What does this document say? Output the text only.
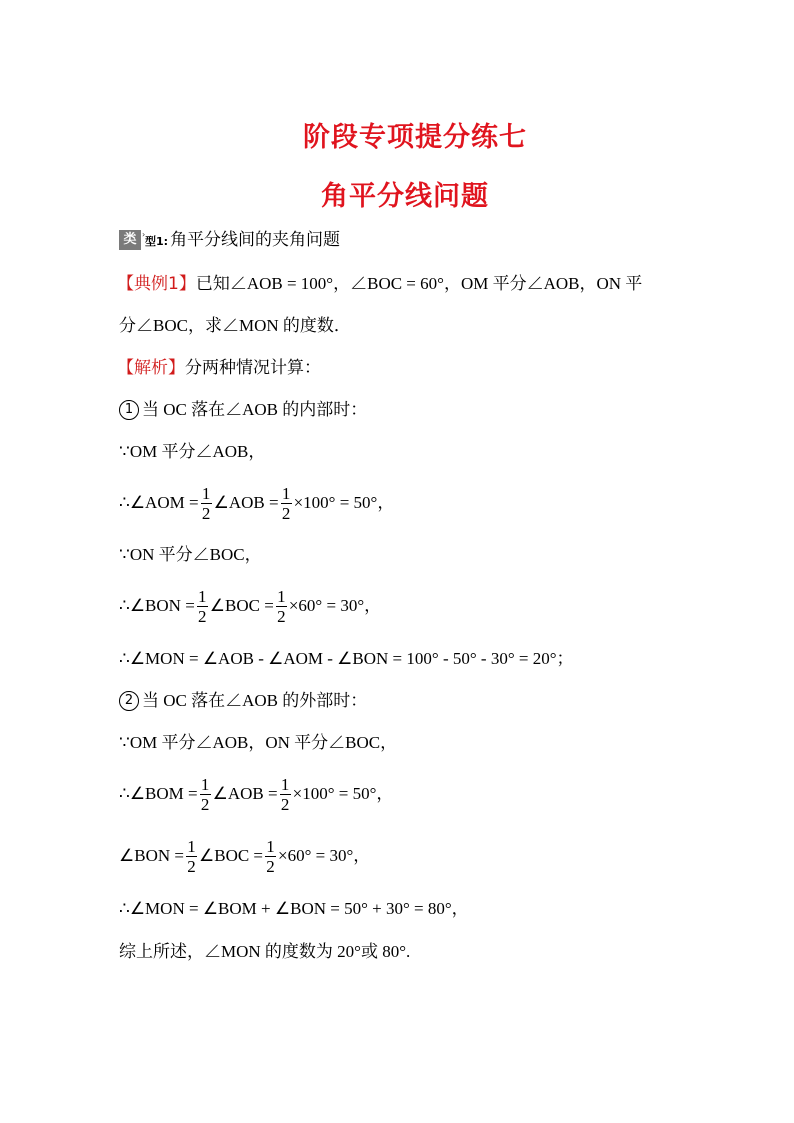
阶段专项提分练七
角平分线问题
类 ›
型1: 角平分线间的夹角问题
【典例1】 已知∠AOB = 100°，∠BOC = 60°，OM 平分∠AOB，ON 平
分∠BOC，求∠MON 的度数．
【解析】 分两种情况计算：
1 当 OC 落在∠AOB 的内部时：
∵OM 平分∠AOB，
∴∠AOM = $\frac{1}{2}$ ∠AOB = $\frac{1}{2} \times 100^\circ = 50^\circ$，
∵ON 平分∠BOC，
∴∠BON = $\frac{1}{2}$ ∠BOC = $\frac{1}{2} \times 60^\circ = 30^\circ$，
∴∠MON = ∠AOB - ∠AOM - ∠BON = 100° - 50° - 30° = 20°；
2 当 OC 落在∠AOB 的外部时：
∵OM 平分∠AOB，ON 平分∠BOC，
∴∠BOM = $\frac{1}{2}$ ∠AOB = $\frac{1}{2} \times 100^\circ = 50^\circ$，
∠BON = $\frac{1}{2}$ ∠BOC = $\frac{1}{2} \times 60^\circ = 30^\circ$，
∴∠MON = ∠BOM + ∠BON = 50° + 30° = 80°，
综上所述，∠MON 的度数为 20°或 80°.
